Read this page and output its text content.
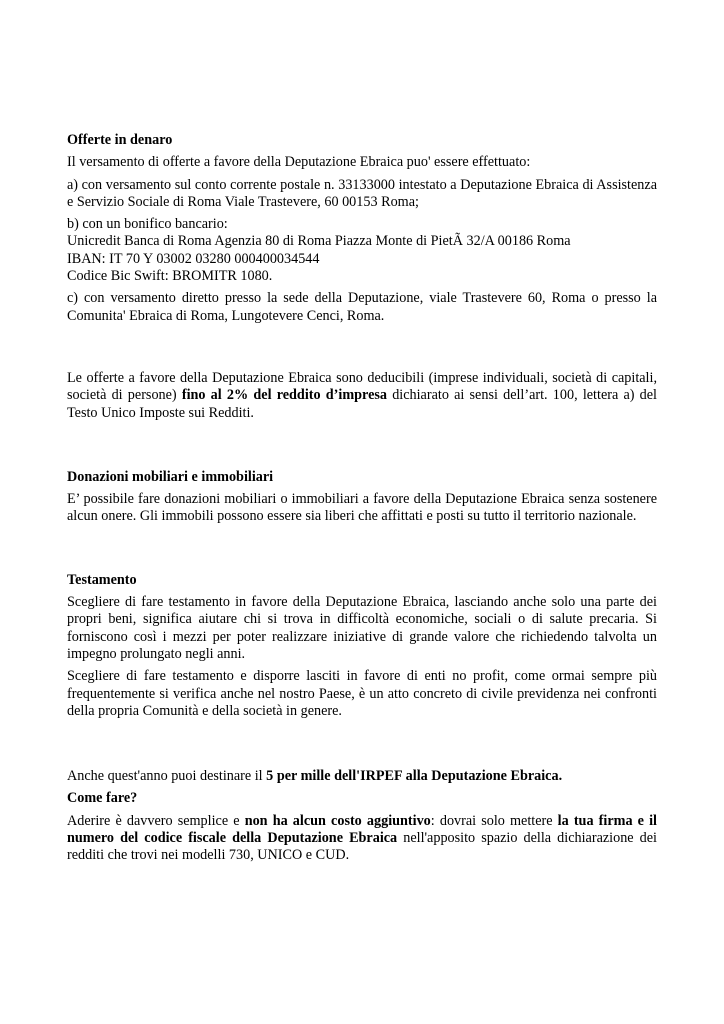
Offerte in denaro

Il versamento di offerte a favore della Deputazione Ebraica puo' essere effettuato:

a) con versamento sul conto corrente postale n. 33133000 intestato a Deputazione Ebraica di Assistenza e Servizio Sociale di Roma Viale Trastevere, 60 00153 Roma;

b) con un bonifico bancario:
Unicredit Banca di Roma Agenzia 80 di Roma Piazza Monte di PietÃ 32/A 00186 Roma
IBAN: IT 70 Y 03002 03280 000400034544
Codice Bic Swift: BROMITR 1080.

c) con versamento diretto presso la sede della Deputazione, viale Trastevere 60, Roma o presso la Comunita' Ebraica di Roma, Lungotevere Cenci, Roma.

Le offerte a favore della Deputazione Ebraica sono deducibili (imprese individuali, società di capitali, società di persone) fino al 2% del reddito d’impresa dichiarato ai sensi dell’art. 100, lettera a) del Testo Unico Imposte sui Redditi.

Donazioni mobiliari e immobiliari

E’ possibile fare donazioni mobiliari o immobiliari a favore della Deputazione Ebraica senza sostenere alcun onere. Gli immobili possono essere sia liberi che affittati e posti su tutto il territorio nazionale.

Testamento

Scegliere di fare testamento in favore della Deputazione Ebraica, lasciando anche solo una parte dei propri beni, significa aiutare chi si trova in difficoltà economiche, sociali o di salute precaria. Si forniscono così i mezzi per poter realizzare iniziative di grande valore che richiedendo talvolta un impegno prolungato negli anni.

Scegliere di fare testamento e disporre lasciti in favore di enti no profit, come ormai sempre più frequentemente si verifica anche nel nostro Paese, è un atto concreto di civile previdenza nei confronti della propria Comunità e della società in genere.

Anche quest'anno puoi destinare il 5 per mille dell'IRPEF alla Deputazione Ebraica.

Come fare?

Aderire è davvero semplice e non ha alcun costo aggiuntivo: dovrai solo mettere la tua firma e il numero del codice fiscale della Deputazione Ebraica nell'apposito spazio della dichiarazione dei redditi che trovi nei modelli 730, UNICO e CUD.
